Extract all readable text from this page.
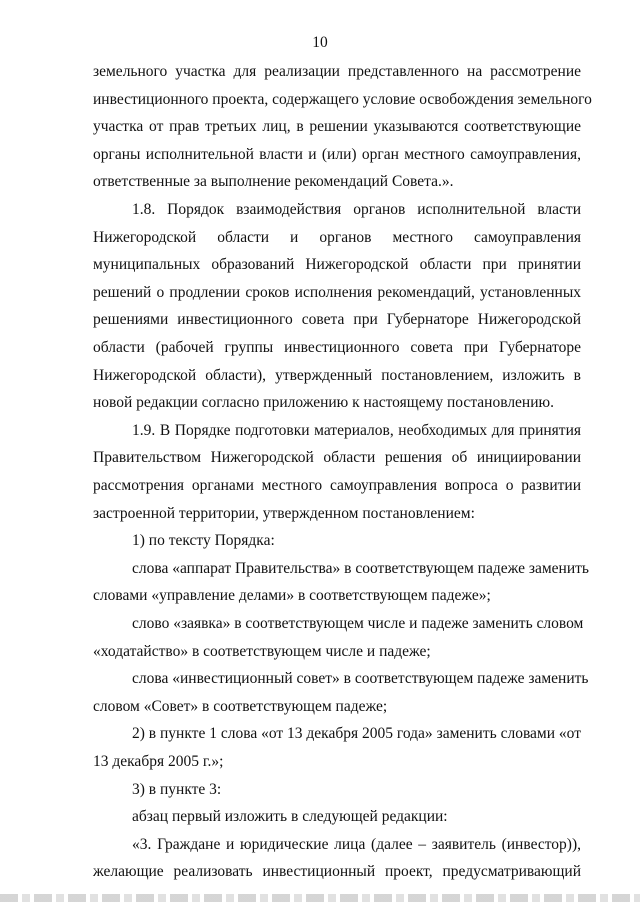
10
земельного участка для реализации представленного на рассмотрение
инвестиционного проекта, содержащего условие освобождения земельного
участка от прав третьих лиц, в решении указываются соответствующие
органы исполнительной власти и (или) орган местного самоуправления,
ответственные за выполнение рекомендаций Совета.».
1.8. Порядок взаимодействия органов исполнительной власти
Нижегородской области и органов местного самоуправления
муниципальных образований Нижегородской области при принятии
решений о продлении сроков исполнения рекомендаций, установленных
решениями инвестиционного совета при Губернаторе Нижегородской
области (рабочей группы инвестиционного совета при Губернаторе
Нижегородской области), утвержденный постановлением, изложить в
новой редакции согласно приложению к настоящему постановлению.
1.9. В Порядке подготовки материалов, необходимых для принятия
Правительством Нижегородской области решения об инициировании
рассмотрения органами местного самоуправления вопроса о развитии
застроенной территории, утвержденном постановлением:
1) по тексту Порядка:
слова «аппарат Правительства» в соответствующем падеже заменить
словами «управление делами» в соответствующем падеже»;
слово «заявка» в соответствующем числе и падеже заменить словом
«ходатайство» в соответствующем числе и падеже;
слова «инвестиционный совет» в соответствующем падеже заменить
словом «Совет» в соответствующем падеже;
2) в пункте 1 слова «от 13 декабря 2005 года» заменить словами «от
13 декабря 2005 г.»;
3) в пункте 3:
абзац первый изложить в следующей редакции:
«3. Граждане и юридические лица (далее – заявитель (инвестор)),
желающие реализовать инвестиционный проект, предусматривающий
